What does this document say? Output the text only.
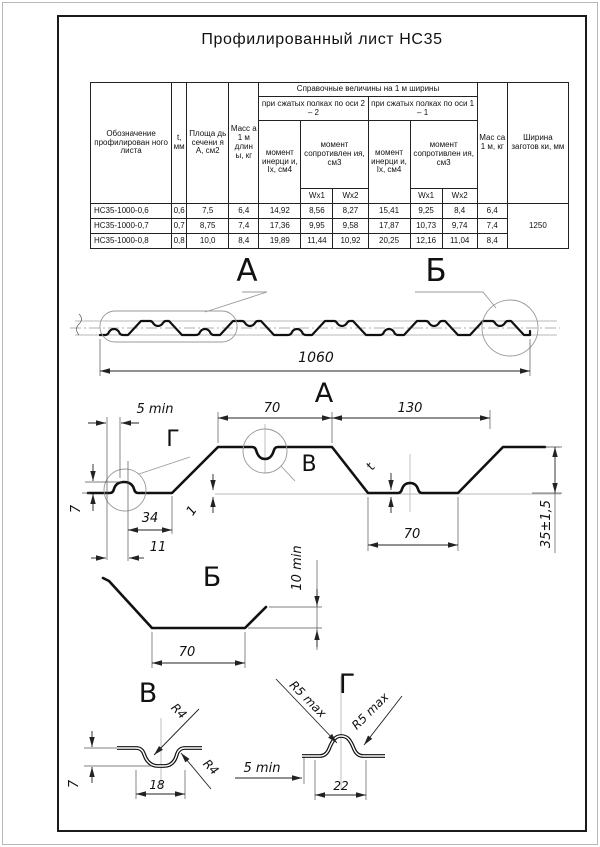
Профилированный лист НС35
Обозначение профилирован ного листа	t, мм	Площа дь сечени я А, см2	Масс а 1 м длин ы, кг	Справочные величины на 1 м ширины						Мас са 1 м, кг	Ширина заготов ки, мм
				при сжатых полках по оси 2 – 2			при сжатых полках по оси 1 – 1				
				момент инерци и, Ix, см4	момент сопротивлен ия, см3		момент инерци и, Ix, см4	момент сопротивлен ия, см3			
					Wx1	Wx2		Wx1	Wx2		
НС35-1000-0,6	0,6	7,5	6,4	14,92	8,56	8,27	15,41	9,25	8,4	6,4	1250
НС35-1000-0,7	0,7	8,75	7,4	17,36	9,95	9,58	17,87	10,73	9,74	7,4	
НС35-1000-0,8	0,8	10,0	8,4	19,89	11,44	10,92	20,25	12,16	11,04	8,4	
А	Б
1060
А
Г
В
5 min	70	130
7
34
11
1
t
70	35±1,5
Б	10 min
70
В
R4
R4
7	18
5 min
Г
R5 max R5 max
22
